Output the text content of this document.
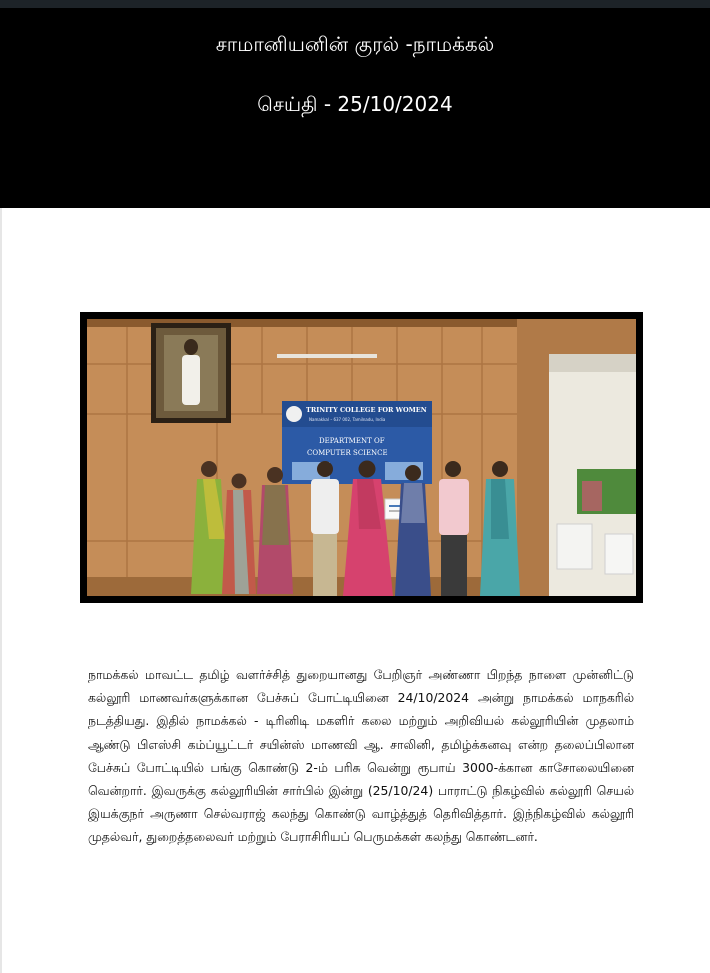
சாமானியனின் குரல் -நாமக்கல்
செய்தி - 25/10/2024
TRINITY COLLEGE FOR WOMEN
Namakkal – 637 002, Tamilnadu, India
DEPARTMENT OF
COMPUTER SCIENCE
நாமக்கல் மாவட்ட தமிழ் வளர்ச்சித் துறையானது பேறிஞர் அண்ணா பிறந்த நாளை முன்னிட்டு கல்லூரி மாணவர்களுக்கான பேச்சுப் போட்டியினை 24/10/2024 அன்று நாமக்கல் மாநகரில் நடத்தியது. இதில் நாமக்கல் - டிரினிடி மகளிர் கலை மற்றும் அறிவியல் கல்லூரியின் முதலாம் ஆண்டு பிஎஸ்சி கம்ப்யூட்டர் சயின்ஸ் மாணவி ஆ. சாலினி, தமிழ்க்கனவு என்ற தலைப்பிலான பேச்சுப் போட்டியில் பங்கு கொண்டு 2-ம் பரிசு வென்று ரூபாய் 3000-க்கான காசோலையினை வென்றார். இவருக்கு கல்லூரியின் சார்பில் இன்று (25/10/24) பாராட்டு நிகழ்வில் கல்லூரி செயல் இயக்குநர் அருணா செல்வராஜ் கலந்து கொண்டு வாழ்த்துத் தெரிவித்தார். இந்நிகழ்வில் கல்லூரி முதல்வர், துறைத்தலைவர் மற்றும் பேராசிரியப் பெருமக்கள் கலந்து கொண்டனர்.
